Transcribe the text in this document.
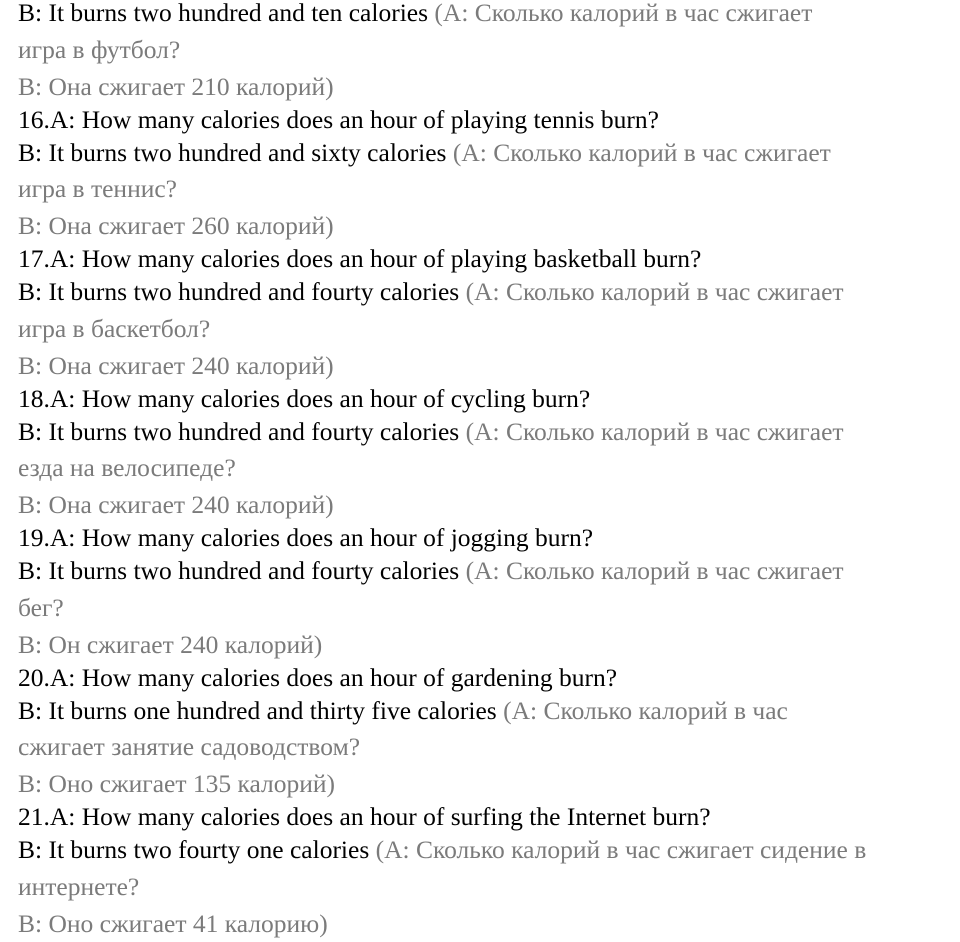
B: It burns two hundred and ten calories (А: Сколько калорий в час сжигает
игра в футбол?
B: Она сжигает 210 калорий)
16.A: How many calories does an hour of playing tennis burn?
B: It burns two hundred and sixty calories (А: Сколько калорий в час сжигает
игра в теннис?
B: Она сжигает 260 калорий)
17.A: How many calories does an hour of playing basketball burn?
B: It burns two hundred and fourty calories (А: Сколько калорий в час сжигает
игра в баскетбол?
B: Она сжигает 240 калорий)
18.A: How many calories does an hour of cycling burn?
B: It burns two hundred and fourty calories (А: Сколько калорий в час сжигает
езда на велосипеде?
B: Она сжигает 240 калорий)
19.A: How many calories does an hour of jogging burn?
B: It burns two hundred and fourty calories (А: Сколько калорий в час сжигает
бег?
B: Он сжигает 240 калорий)
20.A: How many calories does an hour of gardening burn?
B: It burns one hundred and thirty five calories (А: Сколько калорий в час
сжигает занятие садоводством?
B: Оно сжигает 135 калорий)
21.A: How many calories does an hour of surfing the Internet burn?
B: It burns two fourty one calories (А: Сколько калорий в час сжигает сидение в
интернете?
B: Оно сжигает 41 калорию)
